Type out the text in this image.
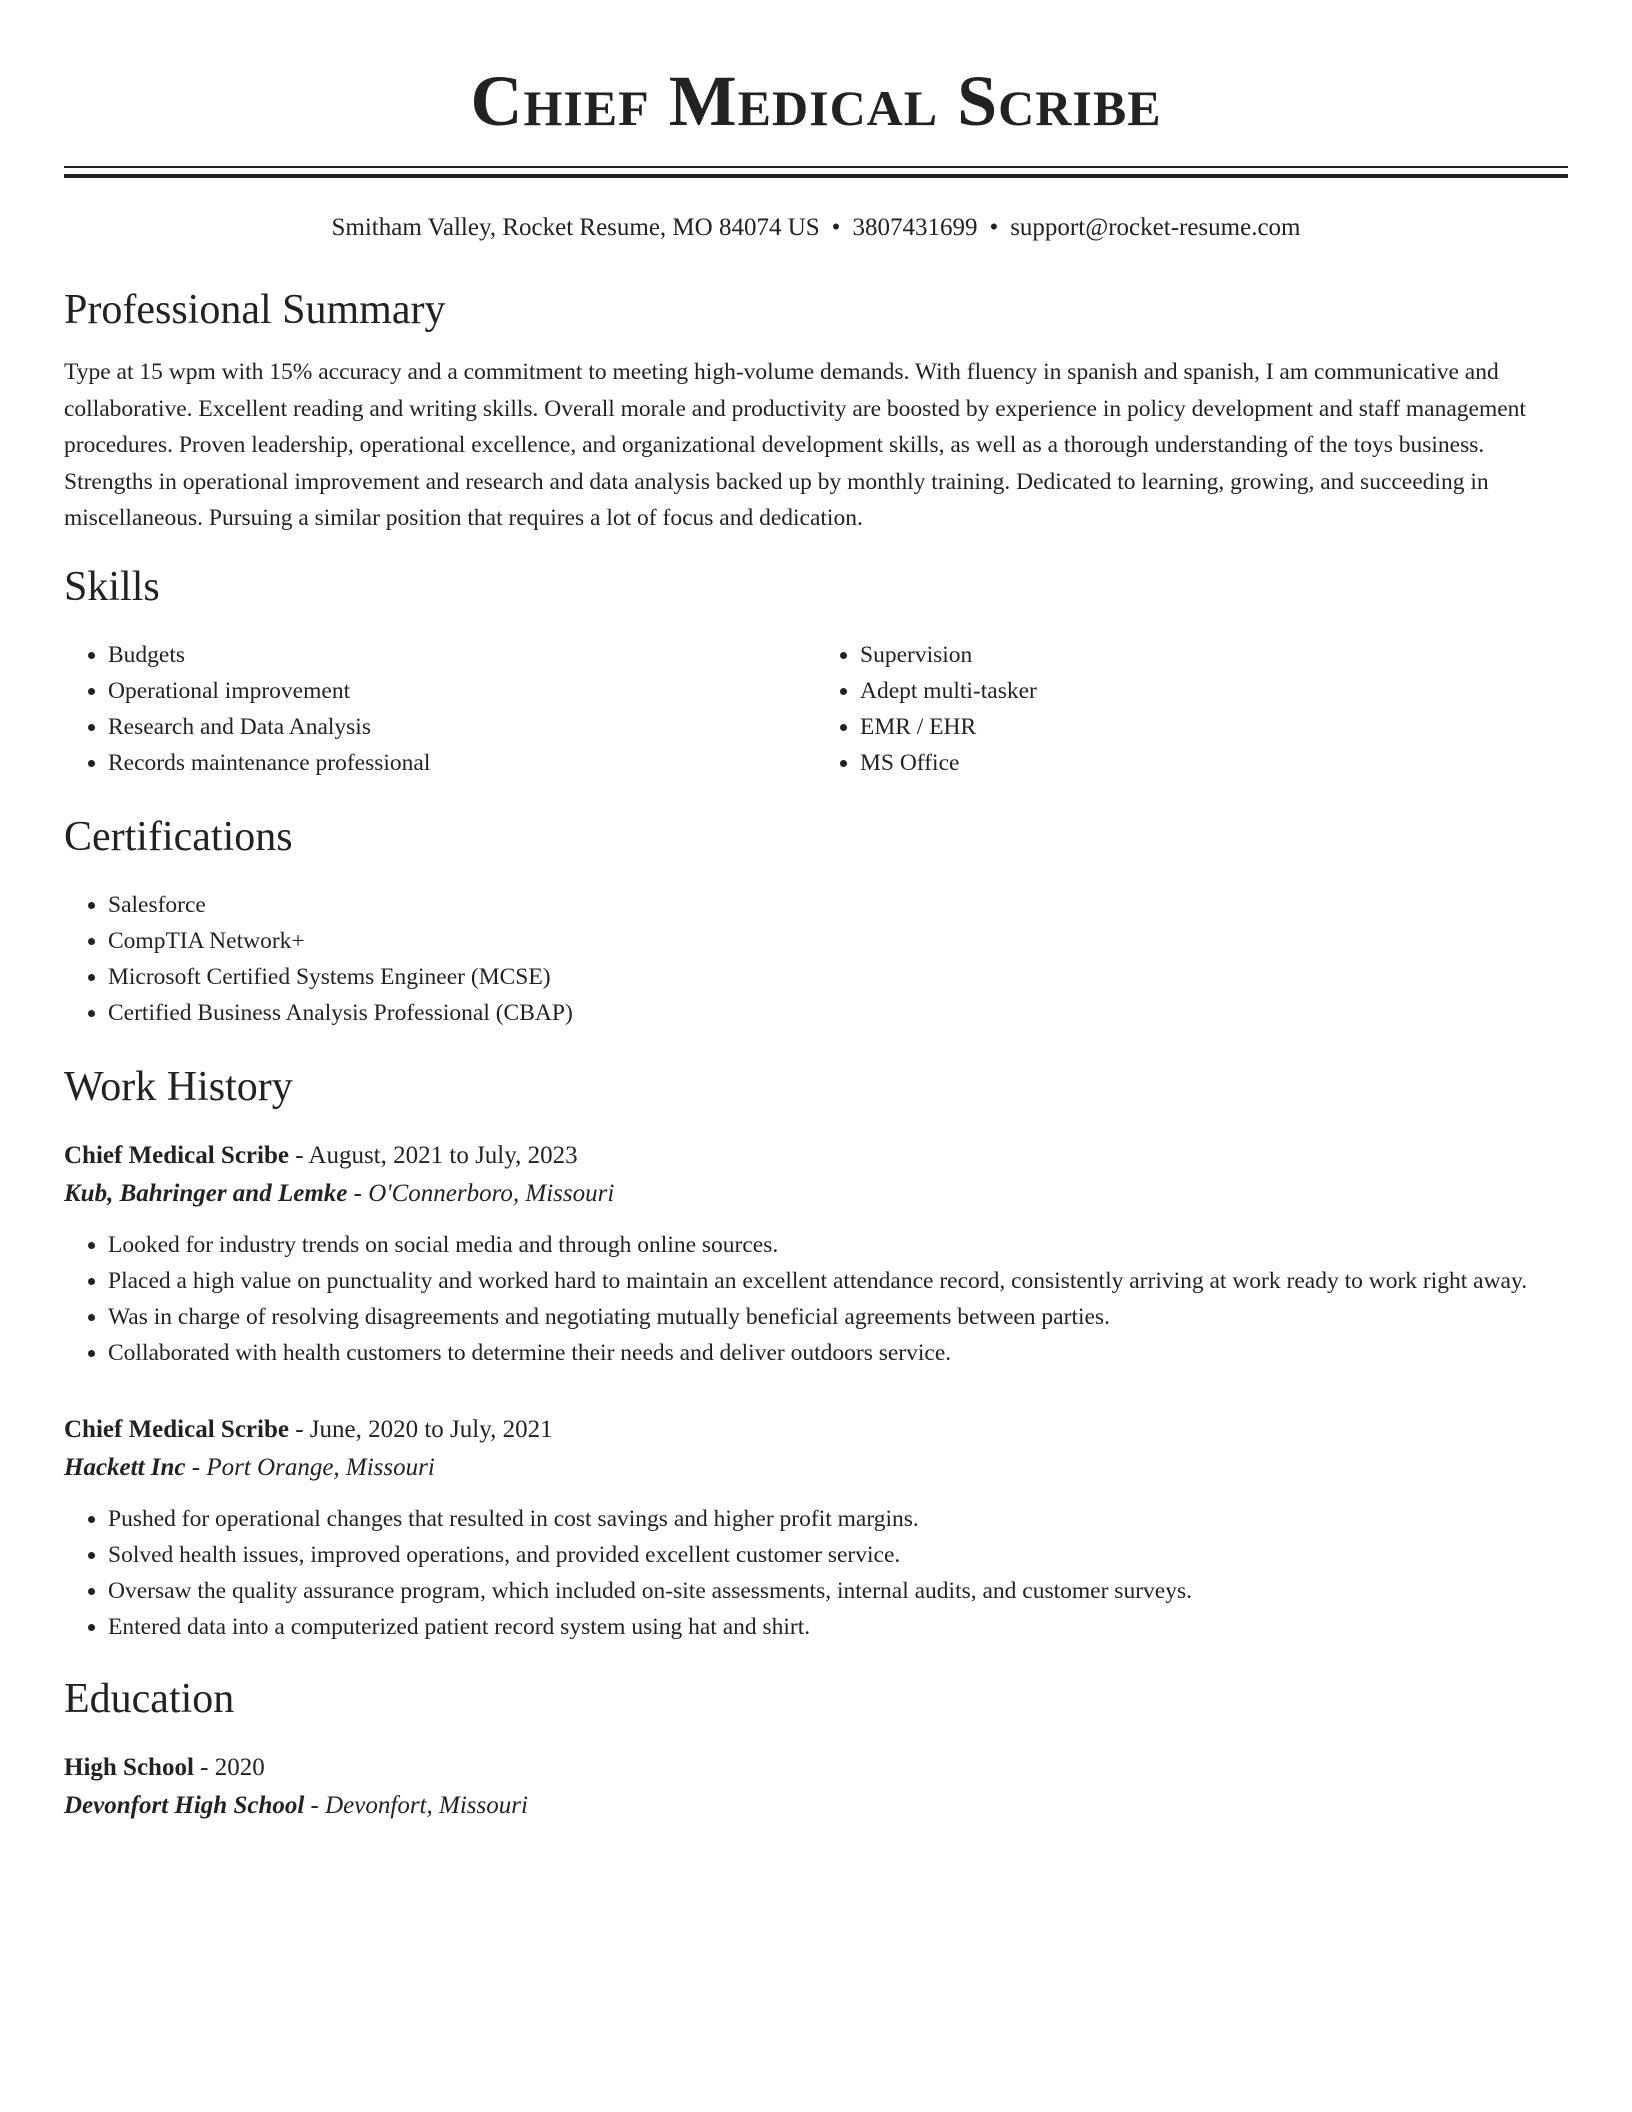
Chief Medical Scribe
Smitham Valley, Rocket Resume, MO 84074 US • 3807431699 • support@rocket-resume.com
Professional Summary
Type at 15 wpm with 15% accuracy and a commitment to meeting high-volume demands. With fluency in spanish and spanish, I am communicative and collaborative. Excellent reading and writing skills. Overall morale and productivity are boosted by experience in policy development and staff management procedures. Proven leadership, operational excellence, and organizational development skills, as well as a thorough understanding of the toys business. Strengths in operational improvement and research and data analysis backed up by monthly training. Dedicated to learning, growing, and succeeding in miscellaneous. Pursuing a similar position that requires a lot of focus and dedication.
Skills
• Budgets
• Operational improvement
• Research and Data Analysis
• Records maintenance professional
• Supervision
• Adept multi-tasker
• EMR / EHR
• MS Office
Certifications
• Salesforce
• CompTIA Network+
• Microsoft Certified Systems Engineer (MCSE)
• Certified Business Analysis Professional (CBAP)
Work History
Chief Medical Scribe - August, 2021 to July, 2023
Kub, Bahringer and Lemke - O'Connerboro, Missouri
• Looked for industry trends on social media and through online sources.
• Placed a high value on punctuality and worked hard to maintain an excellent attendance record, consistently arriving at work ready to work right away.
• Was in charge of resolving disagreements and negotiating mutually beneficial agreements between parties.
• Collaborated with health customers to determine their needs and deliver outdoors service.
Chief Medical Scribe - June, 2020 to July, 2021
Hackett Inc - Port Orange, Missouri
• Pushed for operational changes that resulted in cost savings and higher profit margins.
• Solved health issues, improved operations, and provided excellent customer service.
• Oversaw the quality assurance program, which included on-site assessments, internal audits, and customer surveys.
• Entered data into a computerized patient record system using hat and shirt.
Education
High School - 2020
Devonfort High School - Devonfort, Missouri
